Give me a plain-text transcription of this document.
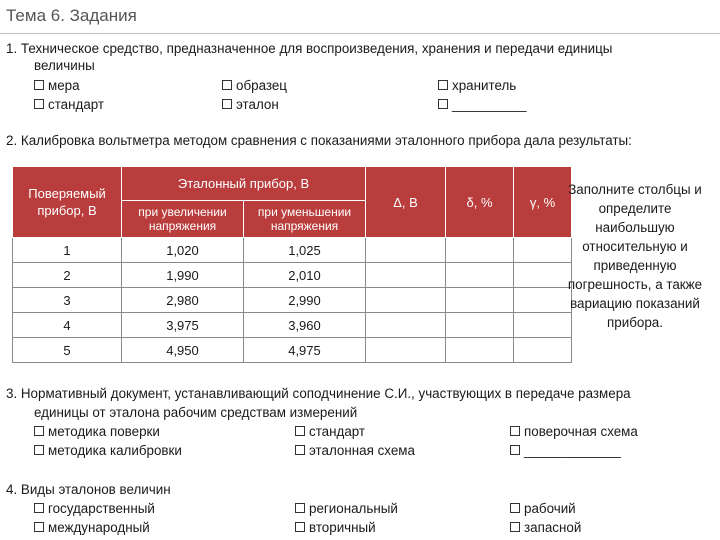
Тема 6. Задания
1. Техническое средство, предназначенное для воспроизведения, хранения и передачи единицы
величины
мера	образец	хранитель
стандарт	эталон	__________
2. Калибровка вольтметра методом сравнения с показаниями эталонного прибора дала результаты:
Поверяемый прибор, В	Эталонный прибор, В		Δ, В	δ, %	γ, %
	при увеличении напряжения	при уменьшении напряжения			
1	1,020	1,025			
2	1,990	2,010			
3	2,980	2,990			
4	3,975	3,960			
5	4,950	4,975			
Заполните столбцы и определите наибольшую относительную и приведенную погрешность, а также вариацию показаний прибора.
3. Нормативный документ, устанавливающий соподчинение С.И., участвующих в передаче размера
единицы от эталона рабочим средствам измерений
методика поверки	стандарт	поверочная схема
методика калибровки	эталонная схема	_____________
4. Виды эталонов величин
государственный	региональный	рабочий
международный	вторичный	запасной
